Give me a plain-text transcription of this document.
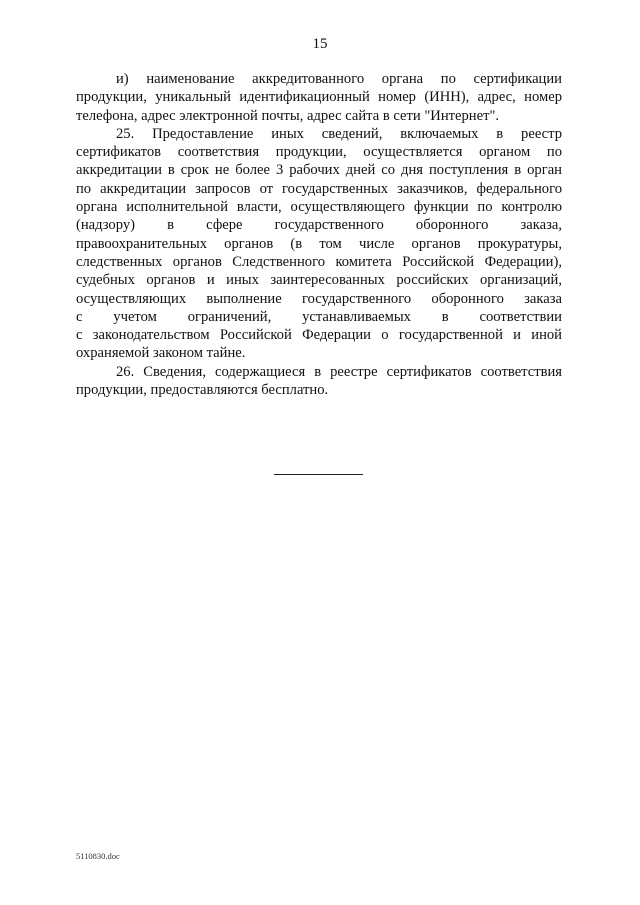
15

и) наименование аккредитованного органа по сертификации
продукции, уникальный идентификационный номер (ИНН), адрес, номер
телефона, адрес электронной почты, адрес сайта в сети "Интернет".

25. Предоставление иных сведений, включаемых в реестр
сертификатов соответствия продукции, осуществляется органом по
аккредитации в срок не более 3 рабочих дней со дня поступления в орган
по аккредитации запросов от государственных заказчиков, федерального
органа исполнительной власти, осуществляющего функции по контролю
(надзору) в сфере государственного оборонного заказа,
правоохранительных органов (в том числе органов прокуратуры,
следственных органов Следственного комитета Российской Федерации),
судебных органов и иных заинтересованных российских организаций,
осуществляющих выполнение государственного оборонного заказа
с учетом ограничений, устанавливаемых в соответствии
с законодательством Российской Федерации о государственной и иной
охраняемой законом тайне.

26. Сведения, содержащиеся в реестре сертификатов соответствия
продукции, предоставляются бесплатно.

5110830.doc
